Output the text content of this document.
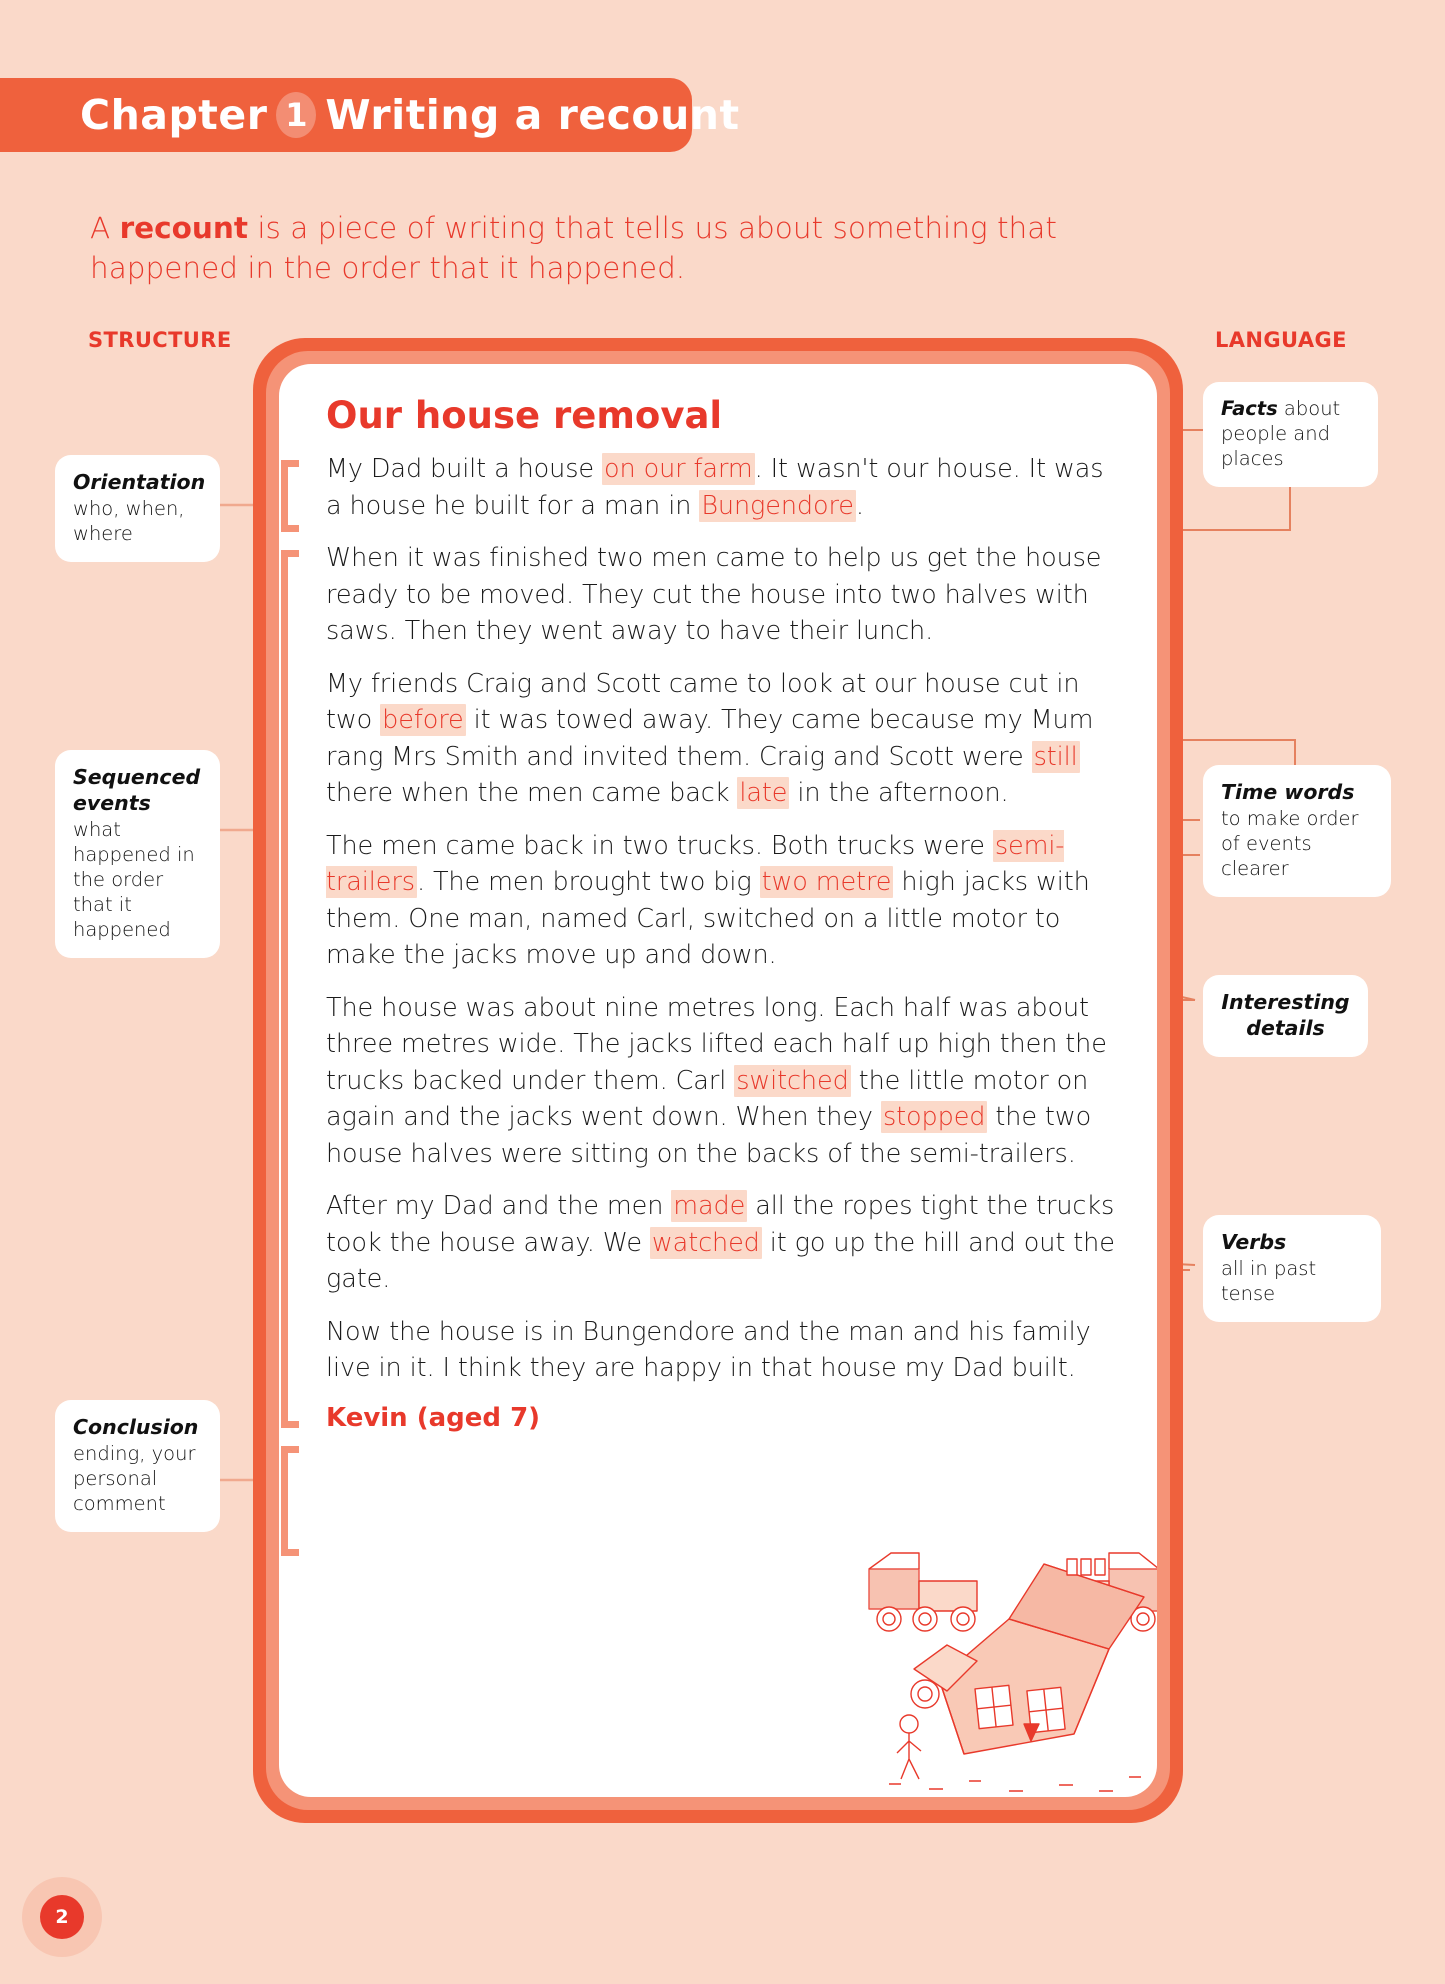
Chapter 1 Writing a recount
A recount is a piece of writing that tells us about something that happened in the order that it happened.
STRUCTURE	LANGUAGE
Our house removal
My Dad built a house on our farm. It wasn't our house. It was a house he built for a man in Bungendore.
When it was finished two men came to help us get the house ready to be moved. They cut the house into two halves with saws. Then they went away to have their lunch.
My friends Craig and Scott came to look at our house cut in two before it was towed away. They came because my Mum rang Mrs Smith and invited them. Craig and Scott were still there when the men came back late in the afternoon.
The men came back in two trucks. Both trucks were semi-trailers. The men brought two big two metre high jacks with them. One man, named Carl, switched on a little motor to make the jacks move up and down.
The house was about nine metres long. Each half was about three metres wide. The jacks lifted each half up high then the trucks backed under them. Carl switched the little motor on again and the jacks went down. When they stopped the two house halves were sitting on the backs of the semi-trailers.
After my Dad and the men made all the ropes tight the trucks took the house away. We watched it go up the hill and out the gate.
Now the house is in Bungendore and the man and his family live in it. I think they are happy in that house my Dad built.
Kevin (aged 7)
Orientation
who, when, where
Sequenced events
what happened in the order that it happened
Conclusion
ending, your personal comment
Facts about people and places
Time words
to make order of events clearer
Interesting details
Verbs
all in past tense
2
